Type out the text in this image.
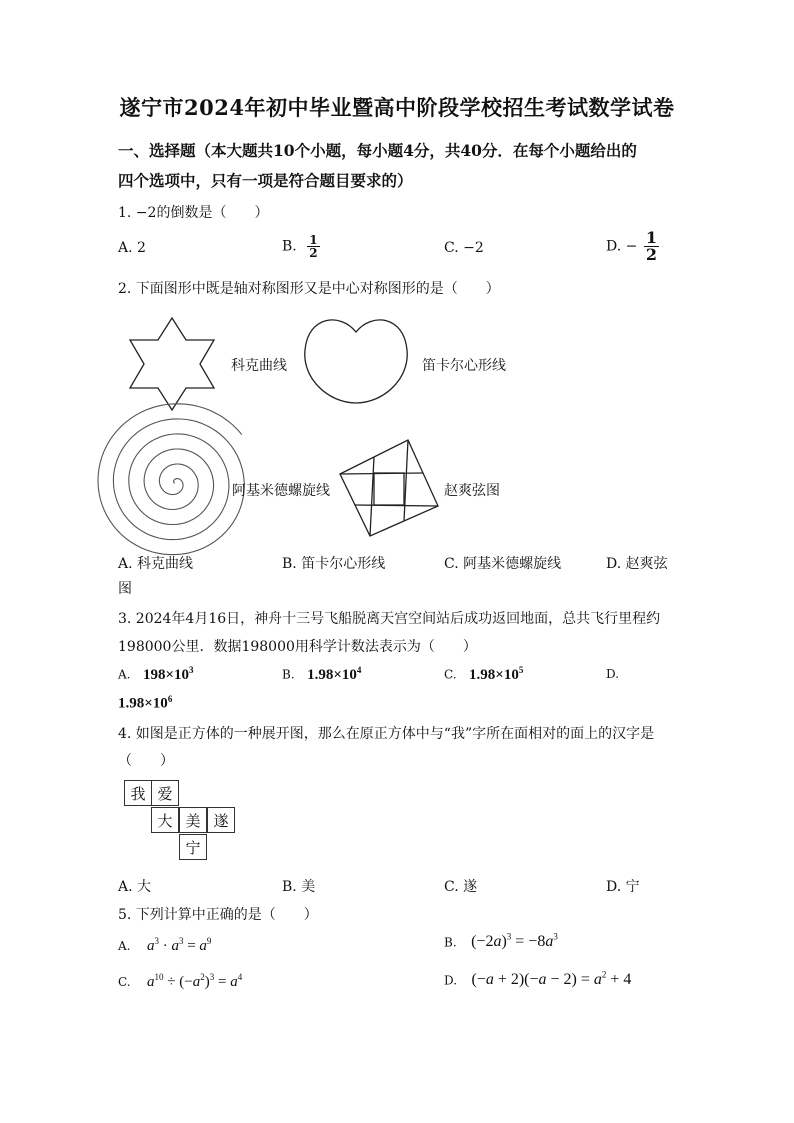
遂宁市2024年初中毕业暨高中阶段学校招生考试数学试卷
一、选择题（本大题共10个小题，每小题4分，共40分．在每个小题给出的
四个选项中，只有一项是符合题目要求的）
1. −2的倒数是（　　）
A. 2	B. $\frac{1}{2}$	C. −2	D. − $\frac{1}{2}$
2. 下面图形中既是轴对称图形又是中心对称图形的是（　　）
科克曲线	笛卡尔心形线
阿基米德螺旋线	赵爽弦图
A. 科克曲线	B. 笛卡尔心形线	C. 阿基米德螺旋线	D. 赵爽弦
图
3. 2024年4月16日，神舟十三号飞船脱离天宫空间站后成功返回地面，总共飞行里程约
198000公里．数据198000用科学计数法表示为（　　）
A. $198\times 10^3$	B. $1.98\times 10^4$	C. $1.98\times 10^5$	D.
$1.98\times 10^6$
4. 如图是正方体的一种展开图，那么在原正方体中与“我”字所在面相对的面上的汉字是
（　　）
我 爱
大 美 遂
宁
A. 大	B. 美	C. 遂	D. 宁
5. 下列计算中正确的是（　　）
A. $a^3 \cdot a^3 = a^9$	B. $(-2a)^3 = -8a^3$
C. $a^{10} \div (-a^2)^3 = a^4$	D. $(-a + 2)(-a - 2) = a^2 + 4$
